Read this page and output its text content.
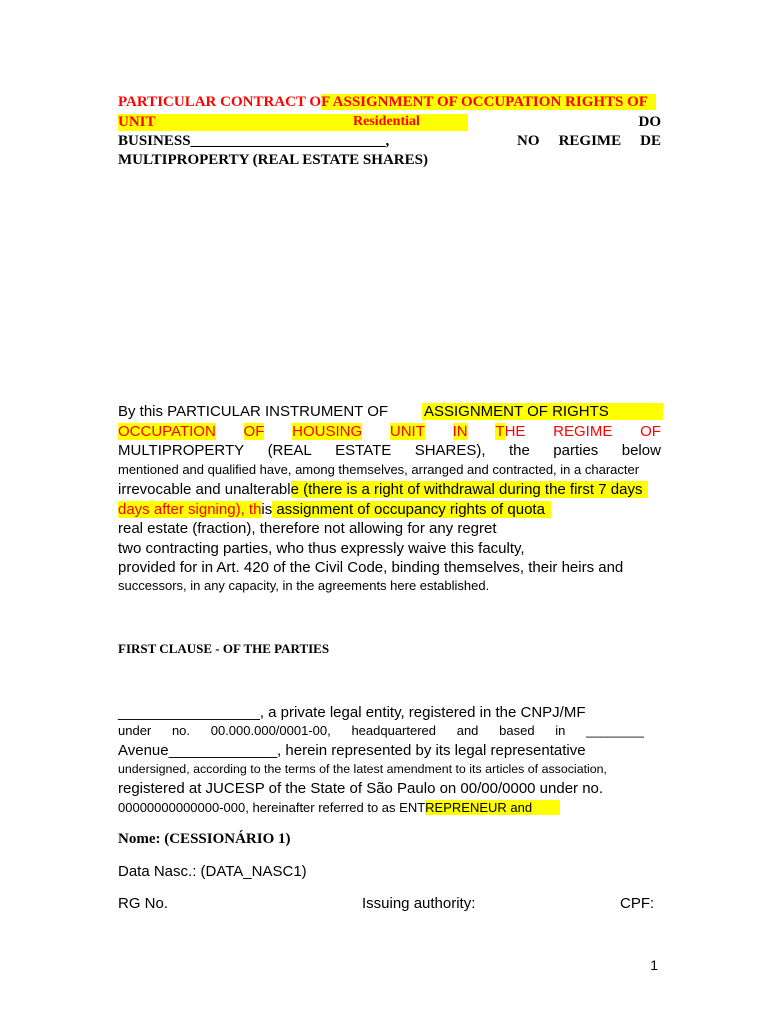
PARTICULAR CONTRACT OF ASSIGNMENT OF OCCUPATION RIGHTS OF
UNIT	Residential	DO
BUSINESS__________________________,	NO REGIME DE
MULTIPROPERTY (REAL ESTATE SHARES)
By this PARTICULAR INSTRUMENT OF ASSIGNMENT OF RIGHTS
OCCUPATION OF HOUSING UNIT IN THE REGIME OF
MULTIPROPERTY (REAL ESTATE SHARES), the parties below
mentioned and qualified have, among themselves, arranged and contracted, in a character
irrevocable and unalterable (there is a right of withdrawal during the first 7 days
days after signing), this assignment of occupancy rights of quota
real estate (fraction), therefore not allowing for any regret
two contracting parties, who thus expressly waive this faculty,
provided for in Art. 420 of the Civil Code, binding themselves, their heirs and
successors, in any capacity, in the agreements here established.
FIRST CLAUSE - OF THE PARTIES
_________________, a private legal entity, registered in the CNPJ/MF
under no. 00.000.000/0001-00, headquartered and based in ________
Avenue_____________, herein represented by its legal representative
undersigned, according to the terms of the latest amendment to its articles of association,
registered at JUCESP of the State of São Paulo on 00/00/0000 under no.
00000000000000-000, hereinafter referred to as ENTREPRENEUR and
Nome: (CESSIONÁRIO 1)
Data Nasc.: (DATA_NASC1)
RG No.	Issuing authority:	CPF:
1
